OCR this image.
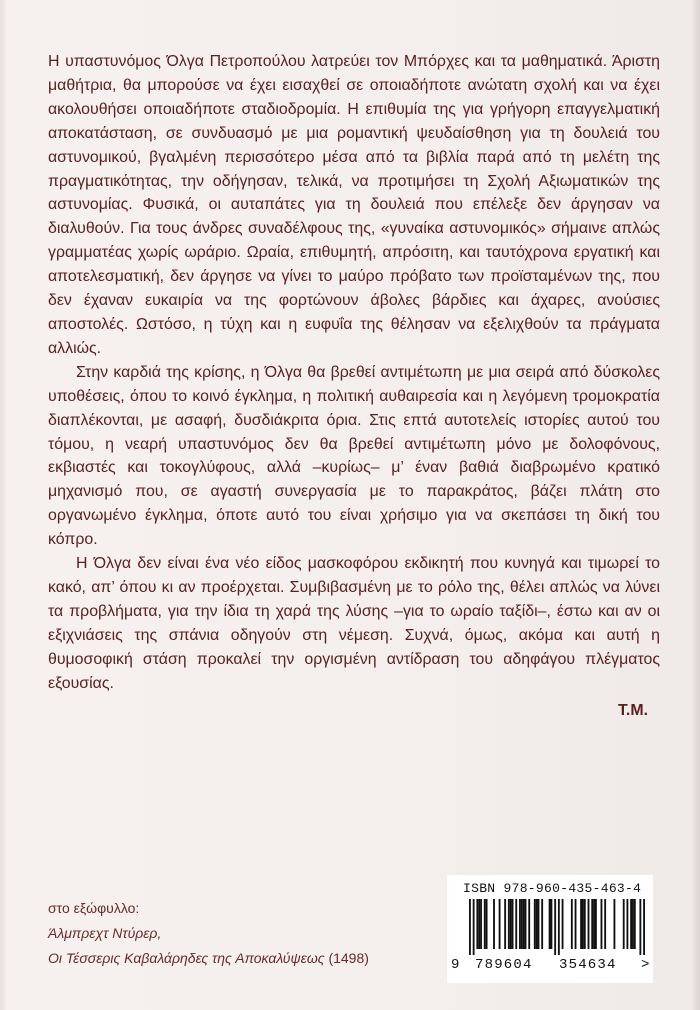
Η υπαστυνόμος Όλγα Πετροπούλου λατρεύει τον Μπόρχες και τα μαθηματικά. Άριστη μαθήτρια, θα μπορούσε να έχει εισαχθεί σε οποιαδήποτε ανώτατη σχολή και να έχει ακολουθήσει οποιαδήποτε σταδιοδρομία. Η επιθυμία της για γρήγορη επαγγελματική αποκατάσταση, σε συνδυασμό με μια ρομαντική ψευδαίσθηση για τη δουλειά του αστυνομικού, βγαλμένη περισσότερο μέσα από τα βιβλία παρά από τη μελέτη της πραγματικότητας, την οδήγησαν, τελικά, να προτιμήσει τη Σχολή Αξιωματικών της αστυνομίας. Φυσικά, οι αυταπάτες για τη δουλειά που επέλεξε δεν άργησαν να διαλυθούν. Για τους άνδρες συναδέλφους της, «γυναίκα αστυνομικός» σήμαινε απλώς γραμματέας χωρίς ωράριο. Ωραία, επιθυμητή, απρόσιτη, και ταυτόχρονα εργατική και αποτελεσματική, δεν άργησε να γίνει το μαύρο πρόβατο των προϊσταμένων της, που δεν έχαναν ευκαιρία να της φορτώνουν άβολες βάρδιες και άχαρες, ανούσιες αποστολές. Ωστόσο, η τύχη και η ευφυΐα της θέλησαν να εξελιχθούν τα πράγματα αλλιώς.

Στην καρδιά της κρίσης, η Όλγα θα βρεθεί αντιμέτωπη με μια σειρά από δύσκολες υποθέσεις, όπου το κοινό έγκλημα, η πολιτική αυθαιρεσία και η λεγόμενη τρομοκρατία διαπλέκονται, με ασαφή, δυσδιάκριτα όρια. Στις επτά αυτοτελείς ιστορίες αυτού του τόμου, η νεαρή υπαστυνόμος δεν θα βρεθεί αντιμέτωπη μόνο με δολοφόνους, εκβιαστές και τοκογλύφους, αλλά –κυρίως– μ’ έναν βαθιά διαβρωμένο κρατικό μηχανισμό που, σε αγαστή συνεργασία με το παρακράτος, βάζει πλάτη στο οργανωμένο έγκλημα, όποτε αυτό του είναι χρήσιμο για να σκεπάσει τη δική του κόπρο.

Η Όλγα δεν είναι ένα νέο είδος μασκοφόρου εκδικητή που κυνηγά και τιμωρεί το κακό, απ’ όπου κι αν προέρχεται. Συμβιβασμένη με το ρόλο της, θέλει απλώς να λύνει τα προβλήματα, για την ίδια τη χαρά της λύσης –για το ωραίο ταξίδι–, έστω και αν οι εξιχνιάσεις της σπάνια οδηγούν στη νέμεση. Συχνά, όμως, ακόμα και αυτή η θυμοσοφική στάση προκαλεί την οργισμένη αντίδραση του αδηφάγου πλέγματος εξουσίας.

Τ.Μ.

στο εξώφυλλο:
Άλμπρεχτ Ντύρερ,
Οι Τέσσερις Καβαλάρηδες της Αποκαλύψεως (1498)
ISBN 978-960-435-463-4
9 789604 354634 >
